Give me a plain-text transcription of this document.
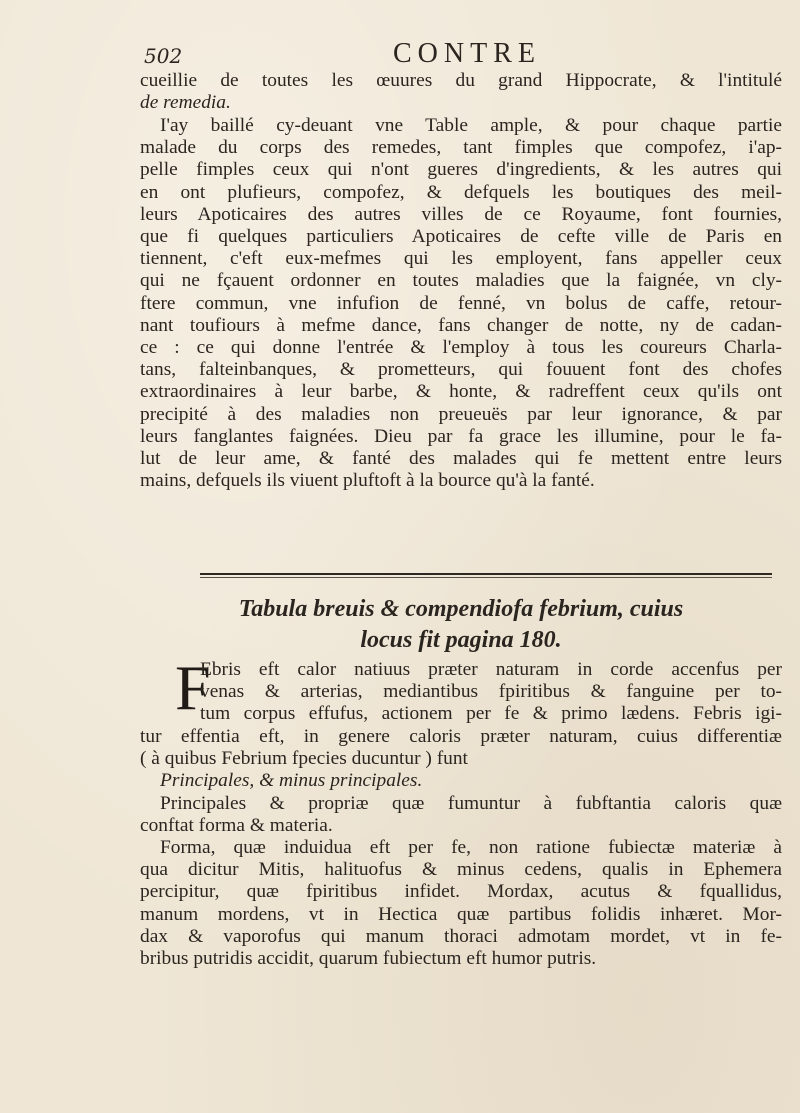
502	CONTRE
cueillie de toutes les œuures du grand Hippocrate, & l'intitulé
de remedia.
I'ay baillé cy-deuant vne Table ample, & pour chaque partie
malade du corps des remedes, tant fimples que compofez, i'ap-
pelle fimples ceux qui n'ont gueres d'ingredients, & les autres qui
en ont plufieurs, compofez, & defquels les boutiques des meil-
leurs Apoticaires des autres villes de ce Royaume, font fournies,
que fi quelques particuliers Apoticaires de cefte ville de Paris en
tiennent, c'eft eux-mefmes qui les employent, fans appeller ceux
qui ne fçauent ordonner en toutes maladies que la faignée, vn cly-
ftere commun, vne infufion de fenné, vn bolus de caffe, retour-
nant toufiours à mefme dance, fans changer de notte, ny de cadan-
ce : ce qui donne l'entrée & l'employ à tous les coureurs Charla-
tans, falteinbanques, & prometteurs, qui fouuent font des chofes
extraordinaires à leur barbe, & honte, & radreffent ceux qu'ils ont
precipité à des maladies non preueuës par leur ignorance, & par
leurs fanglantes faignées. Dieu par fa grace les illumine, pour le fa-
lut de leur ame, & fanté des malades qui fe mettent entre leurs
mains, defquels ils viuent pluftoft à la bource qu'à la fanté.
Tabula breuis & compendiofa febrium, cuius
locus fit pagina 180.
F
Ebris eft calor natiuus præter naturam in corde accenfus per
venas & arterias, mediantibus fpiritibus & fanguine per to-
tum corpus effufus, actionem per fe & primo lædens. Febris igi-
tur effentia eft, in genere caloris præter naturam, cuius differentiæ
( à quibus Febrium fpecies ducuntur ) funt
Principales, & minus principales.
Principales & propriæ quæ fumuntur à fubftantia caloris quæ
conftat forma & materia.
Forma, quæ induidua eft per fe, non ratione fubiectæ materiæ à
qua dicitur Mitis, halituofus & minus cedens, qualis in Ephemera
percipitur, quæ fpiritibus infidet. Mordax, acutus & fquallidus,
manum mordens, vt in Hectica quæ partibus folidis inhæret. Mor-
dax & vaporofus qui manum thoraci admotam mordet, vt in fe-
bribus putridis accidit, quarum fubiectum eft humor putris.
